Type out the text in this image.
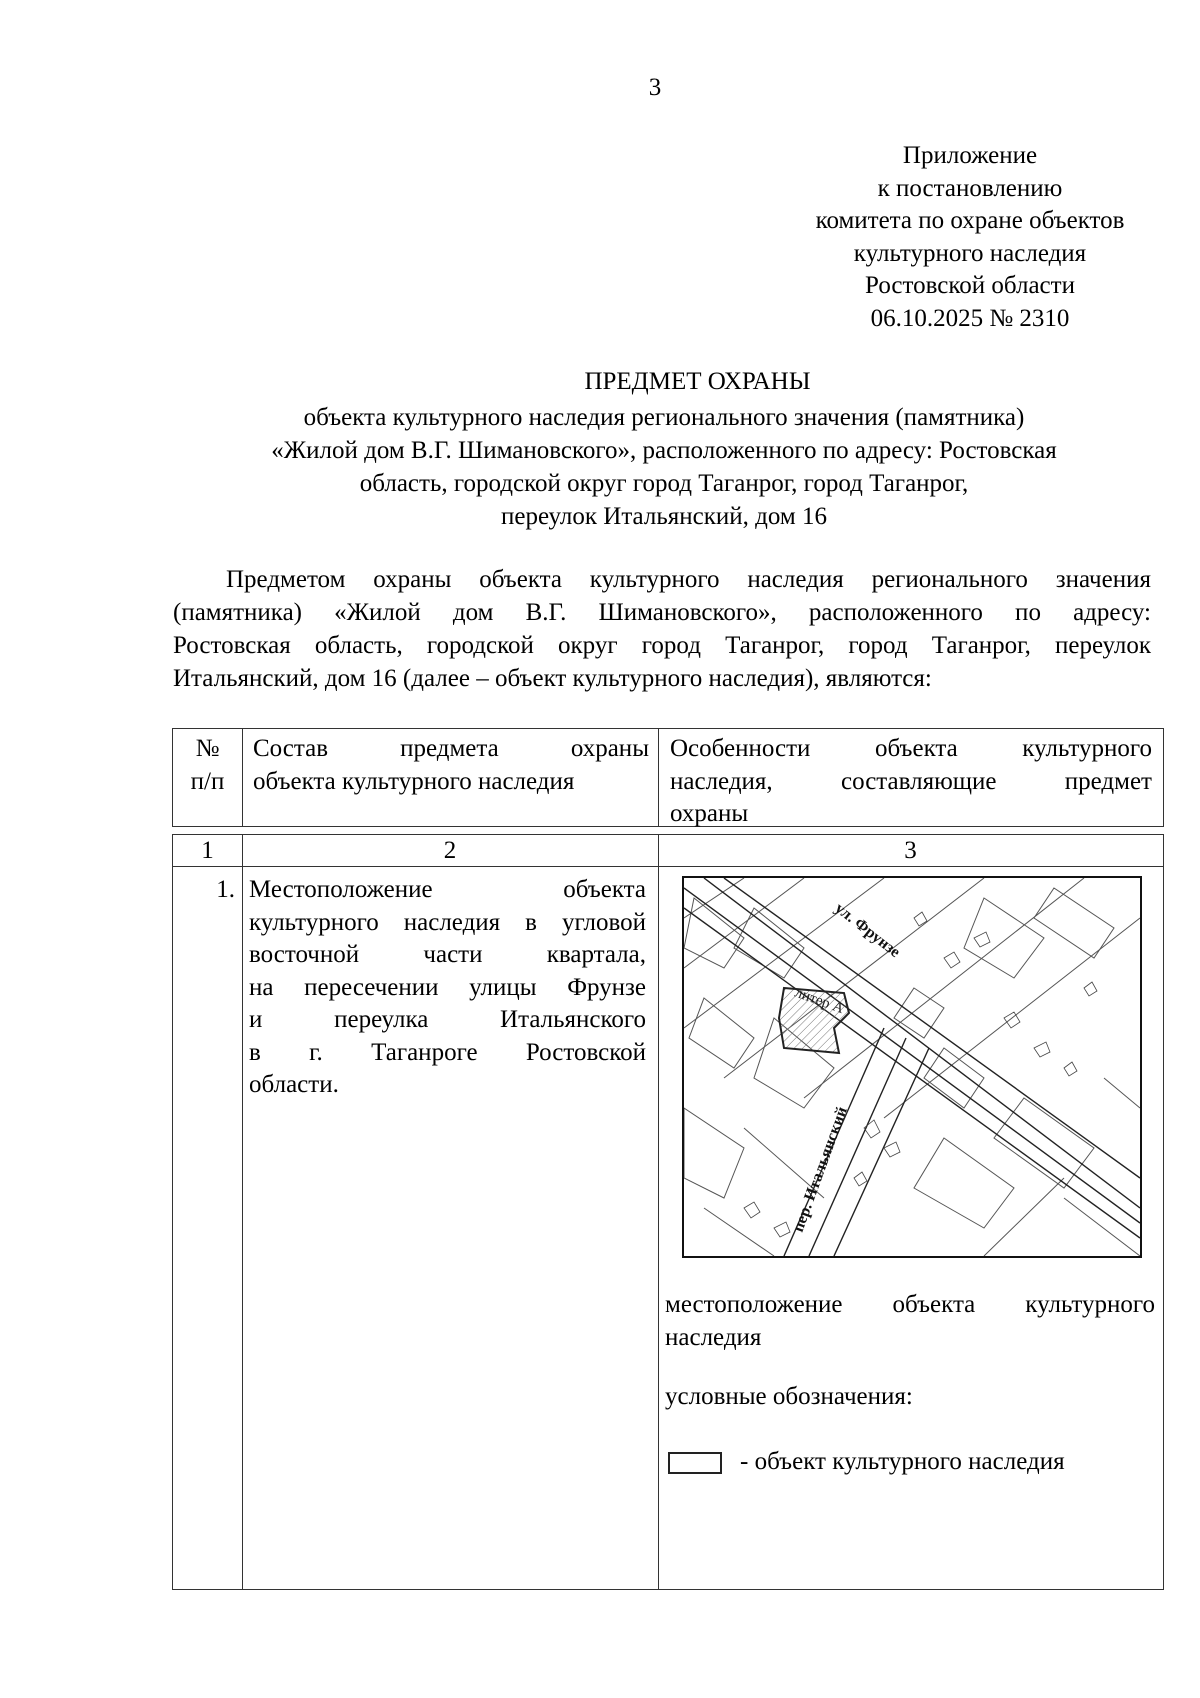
3
Приложение
к постановлению
комитета по охране объектов
культурного наследия
Ростовской области
06.10.2025 № 2310
ПРЕДМЕТ ОХРАНЫ
объекта культурного наследия регионального значения (памятника)
«Жилой дом В.Г. Шимановского», расположенного по адресу: Ростовская
область, городской округ город Таганрог, город Таганрог,
переулок Итальянский, дом 16
Предметом охраны объекта культурного наследия регионального значения
(памятника) «Жилой дом В.Г. Шимановского», расположенного по адресу:
Ростовская область, городской округ город Таганрог, город Таганрог, переулок
Итальянский, дом 16 (далее – объект культурного наследия), являются:
№
п/п
Состав предмета охраны
объекта культурного наследия
Особенности объекта культурного
наследия, составляющие предмет
охраны
1	2	3
1. Местоположение объекта
культурного наследия в угловой
восточной части квартала,
на пересечении улицы Фрунзе
и переулка Итальянского
в г. Таганроге Ростовской
области.
местоположение объекта культурного
наследия
условные обозначения:
- объект культурного наследия
литер А
ул. Фрунзе
пер. Итальянский
